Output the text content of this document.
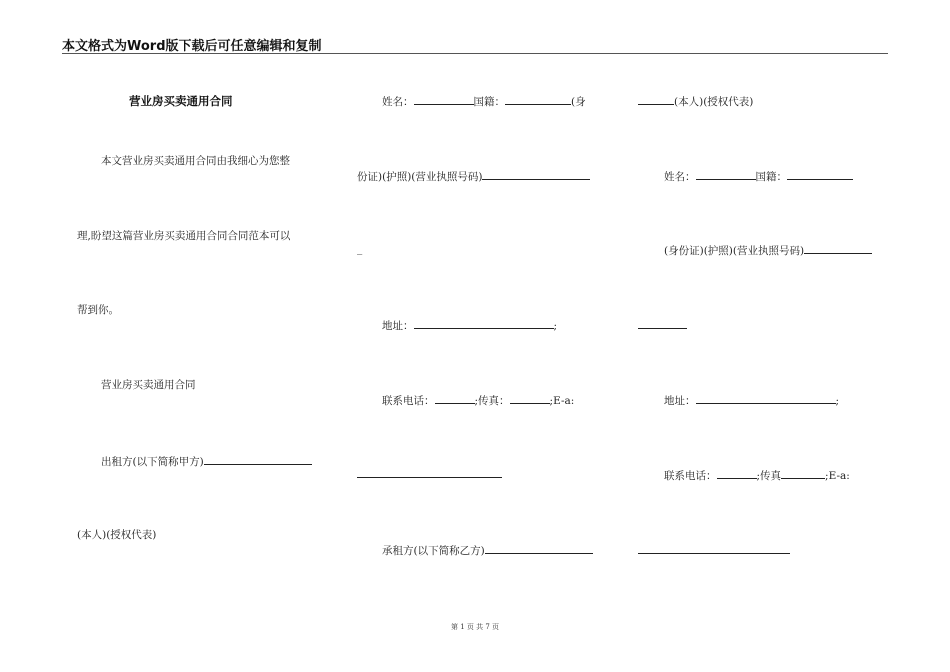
本文格式为Word版下载后可任意编辑和复制
营业房买卖通用合同
本文营业房买卖通用合同由我细心为您整
理,盼望这篇营业房买卖通用合同合同范本可以
帮到你。
营业房买卖通用合同
出租方(以下简称甲方)
(本人)(授权代表)
姓名：	国籍：	(身
份证)(护照)(营业执照号码)
_
地址：	;
联系电话：	;传真：	;E-a:
承租方(以下简称乙方)
(本人)(授权代表)
姓名：	国籍：
(身份证)(护照)(营业执照号码)
地址：	;
联系电话：	;传真	;E-a:
第 1 页 共 7 页
